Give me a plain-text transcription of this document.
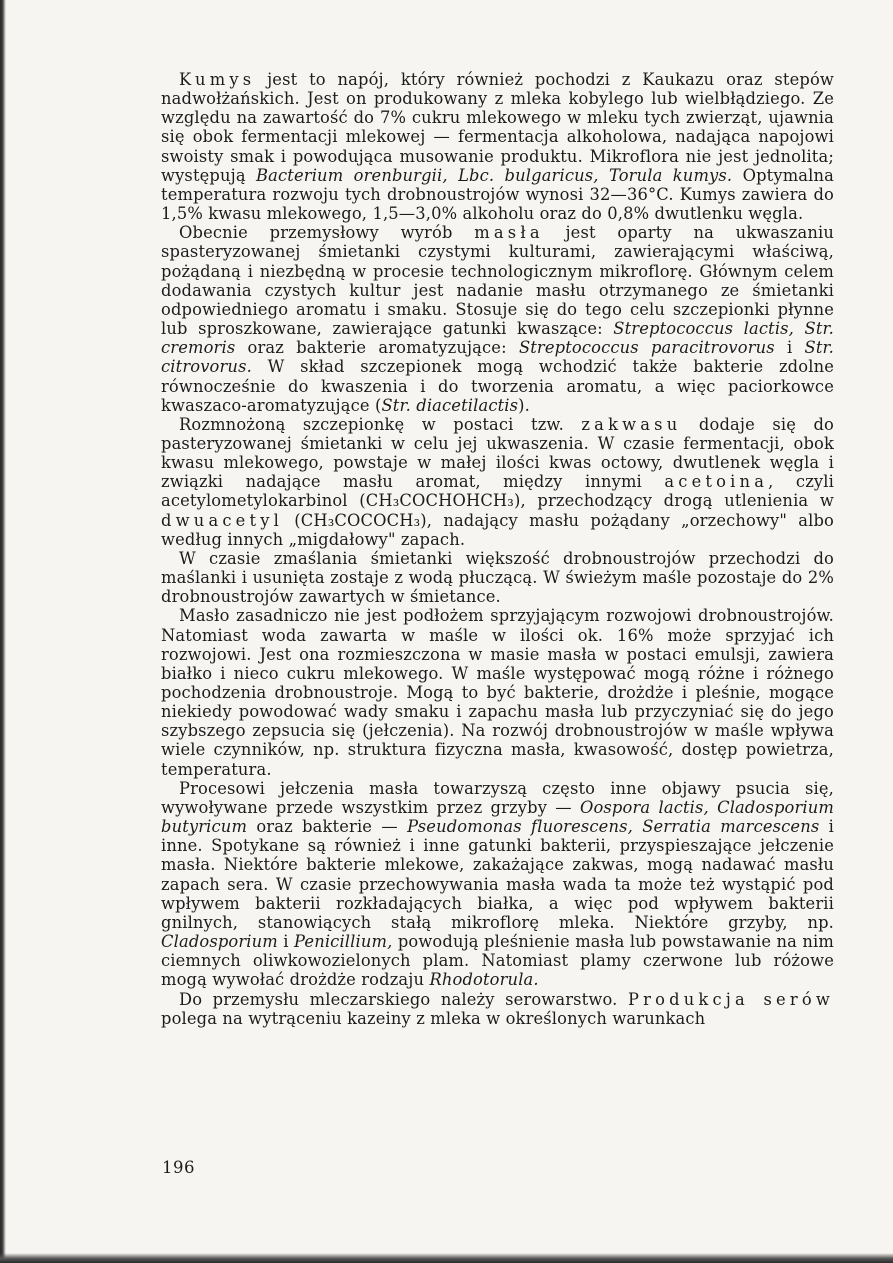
Kumys jest to napój, który również pochodzi z Kaukazu oraz stepów nadwołżańskich. Jest on produkowany z mleka kobylego lub wielbłądziego. Ze względu na zawartość do 7% cukru mlekowego w mleku tych zwierząt, ujawnia się obok fermentacji mlekowej — fermentacja alkoholowa, nadająca napojowi swoisty smak i powodująca musowanie produktu. Mikroflora nie jest jednolita; występują Bacterium orenburgii, Lbc. bulgaricus, Torula kumys. Optymalna temperatura rozwoju tych drobnoustrojów wynosi 32—36°C. Kumys zawiera do 1,5% kwasu mlekowego, 1,5—3,0% alkoholu oraz do 0,8% dwutlenku węgla.

Obecnie przemysłowy wyrób masła jest oparty na ukwaszaniu spasteryzowanej śmietanki czystymi kulturami, zawierającymi właściwą, pożądaną i niezbędną w procesie technologicznym mikroflorę. Głównym celem dodawania czystych kultur jest nadanie masłu otrzymanego ze śmietanki odpowiedniego aromatu i smaku. Stosuje się do tego celu szczepionki płynne lub sproszkowane, zawierające gatunki kwaszące: Streptococcus lactis, Str. cremoris oraz bakterie aromatyzujące: Streptococcus paracitrovorus i Str. citrovorus. W skład szczepionek mogą wchodzić także bakterie zdolne równocześnie do kwaszenia i do tworzenia aromatu, a więc paciorkowce kwaszaco-aromatyzujące (Str. diacetilactis).

Rozmnożoną szczepionkę w postaci tzw. zakwasu dodaje się do pasteryzowanej śmietanki w celu jej ukwaszenia. W czasie fermentacji, obok kwasu mlekowego, powstaje w małej ilości kwas octowy, dwutlenek węgla i związki nadające masłu aromat, między innymi acetoina, czyli acetylometylokarbinol (CH₃COCHOHCH₃), przechodzący drogą utlenienia w dwuacetyl (CH₃COCOCH₃), nadający masłu pożądany „orzechowy" albo według innych „migdałowy" zapach.

W czasie zmaślania śmietanki większość drobnoustrojów przechodzi do maślanki i usunięta zostaje z wodą płuczącą. W świeżym maśle pozostaje do 2% drobnoustrojów zawartych w śmietance.

Masło zasadniczo nie jest podłożem sprzyjającym rozwojowi drobnoustrojów. Natomiast woda zawarta w maśle w ilości ok. 16% może sprzyjać ich rozwojowi. Jest ona rozmieszczona w masie masła w postaci emulsji, zawiera białko i nieco cukru mlekowego. W maśle występować mogą różne i różnego pochodzenia drobnoustroje. Mogą to być bakterie, drożdże i pleśnie, mogące niekiedy powodować wady smaku i zapachu masła lub przyczyniać się do jego szybszego zepsucia się (jełczenia). Na rozwój drobnoustrojów w maśle wpływa wiele czynników, np. struktura fizyczna masła, kwasowość, dostęp powietrza, temperatura.

Procesowi jełczenia masła towarzyszą często inne objawy psucia się, wywoływane przede wszystkim przez grzyby — Oospora lactis, Cladosporium butyricum oraz bakterie — Pseudomonas fluorescens, Serratia marcescens i inne. Spotykane są również i inne gatunki bakterii, przyspieszające jełczenie masła. Niektóre bakterie mlekowe, zakażające zakwas, mogą nadawać masłu zapach sera. W czasie przechowywania masła wada ta może też wystąpić pod wpływem bakterii rozkładających białka, a więc pod wpływem bakterii gnilnych, stanowiących stałą mikroflorę mleka. Niektóre grzyby, np. Cladosporium i Penicillium, powodują pleśnienie masła lub powstawanie na nim ciemnych oliwkowozielonych plam. Natomiast plamy czerwone lub różowe mogą wywołać drożdże rodzaju Rhodotorula.

Do przemysłu mleczarskiego należy serowarstwo. Produkcja serów polega na wytrąceniu kazeiny z mleka w określonych warunkach

196
